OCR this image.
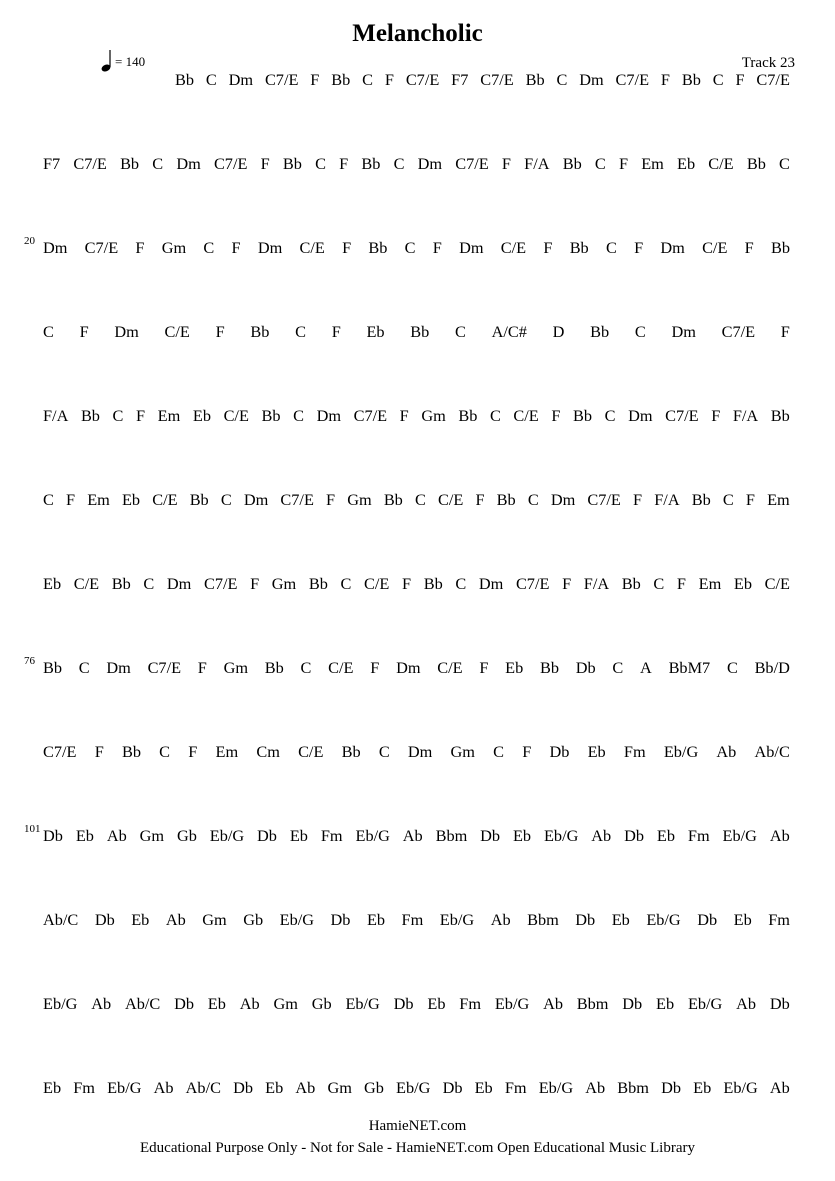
Melancholic
= 140	Track 23
Bb C Dm C7/E F Bb C F C7/E F7 C7/E Bb C Dm C7/E F Bb C F C7/E
F7 C7/E Bb C Dm C7/E F Bb C F Bb C Dm C7/E F F/A Bb C F Em Eb C/E Bb C
Dm C7/E F Gm C F Dm C/E F Bb C F Dm C/E F Bb C F Dm C/E F Bb
20
C F Dm C/E F Bb C F Eb Bb C A/C# D Bb C Dm C7/E F
F/A Bb C F Em Eb C/E Bb C Dm C7/E F Gm Bb C C/E F Bb C Dm C7/E F F/A Bb
C F Em Eb C/E Bb C Dm C7/E F Gm Bb C C/E F Bb C Dm C7/E F F/A Bb C F Em
Eb C/E Bb C Dm C7/E F Gm Bb C C/E F Bb C Dm C7/E F F/A Bb C F Em Eb C/E
Bb C Dm C7/E F Gm Bb C C/E F Dm C/E F Eb Bb Db C A BbM7 C Bb/D
76
C7/E F Bb C F Em Cm C/E Bb C Dm Gm C F Db Eb Fm Eb/G Ab Ab/C
Db Eb Ab Gm Gb Eb/G Db Eb Fm Eb/G Ab Bbm Db Eb Eb/G Ab Db Eb Fm Eb/G Ab
101
Ab/C Db Eb Ab Gm Gb Eb/G Db Eb Fm Eb/G Ab Bbm Db Eb Eb/G Db Eb Fm
Eb/G Ab Ab/C Db Eb Ab Gm Gb Eb/G Db Eb Fm Eb/G Ab Bbm Db Eb Eb/G Ab Db
Eb Fm Eb/G Ab Ab/C Db Eb Ab Gm Gb Eb/G Db Eb Fm Eb/G Ab Bbm Db Eb Eb/G Ab
HamieNET.com
Educational Purpose Only - Not for Sale - HamieNET.com Open Educational Music Library
